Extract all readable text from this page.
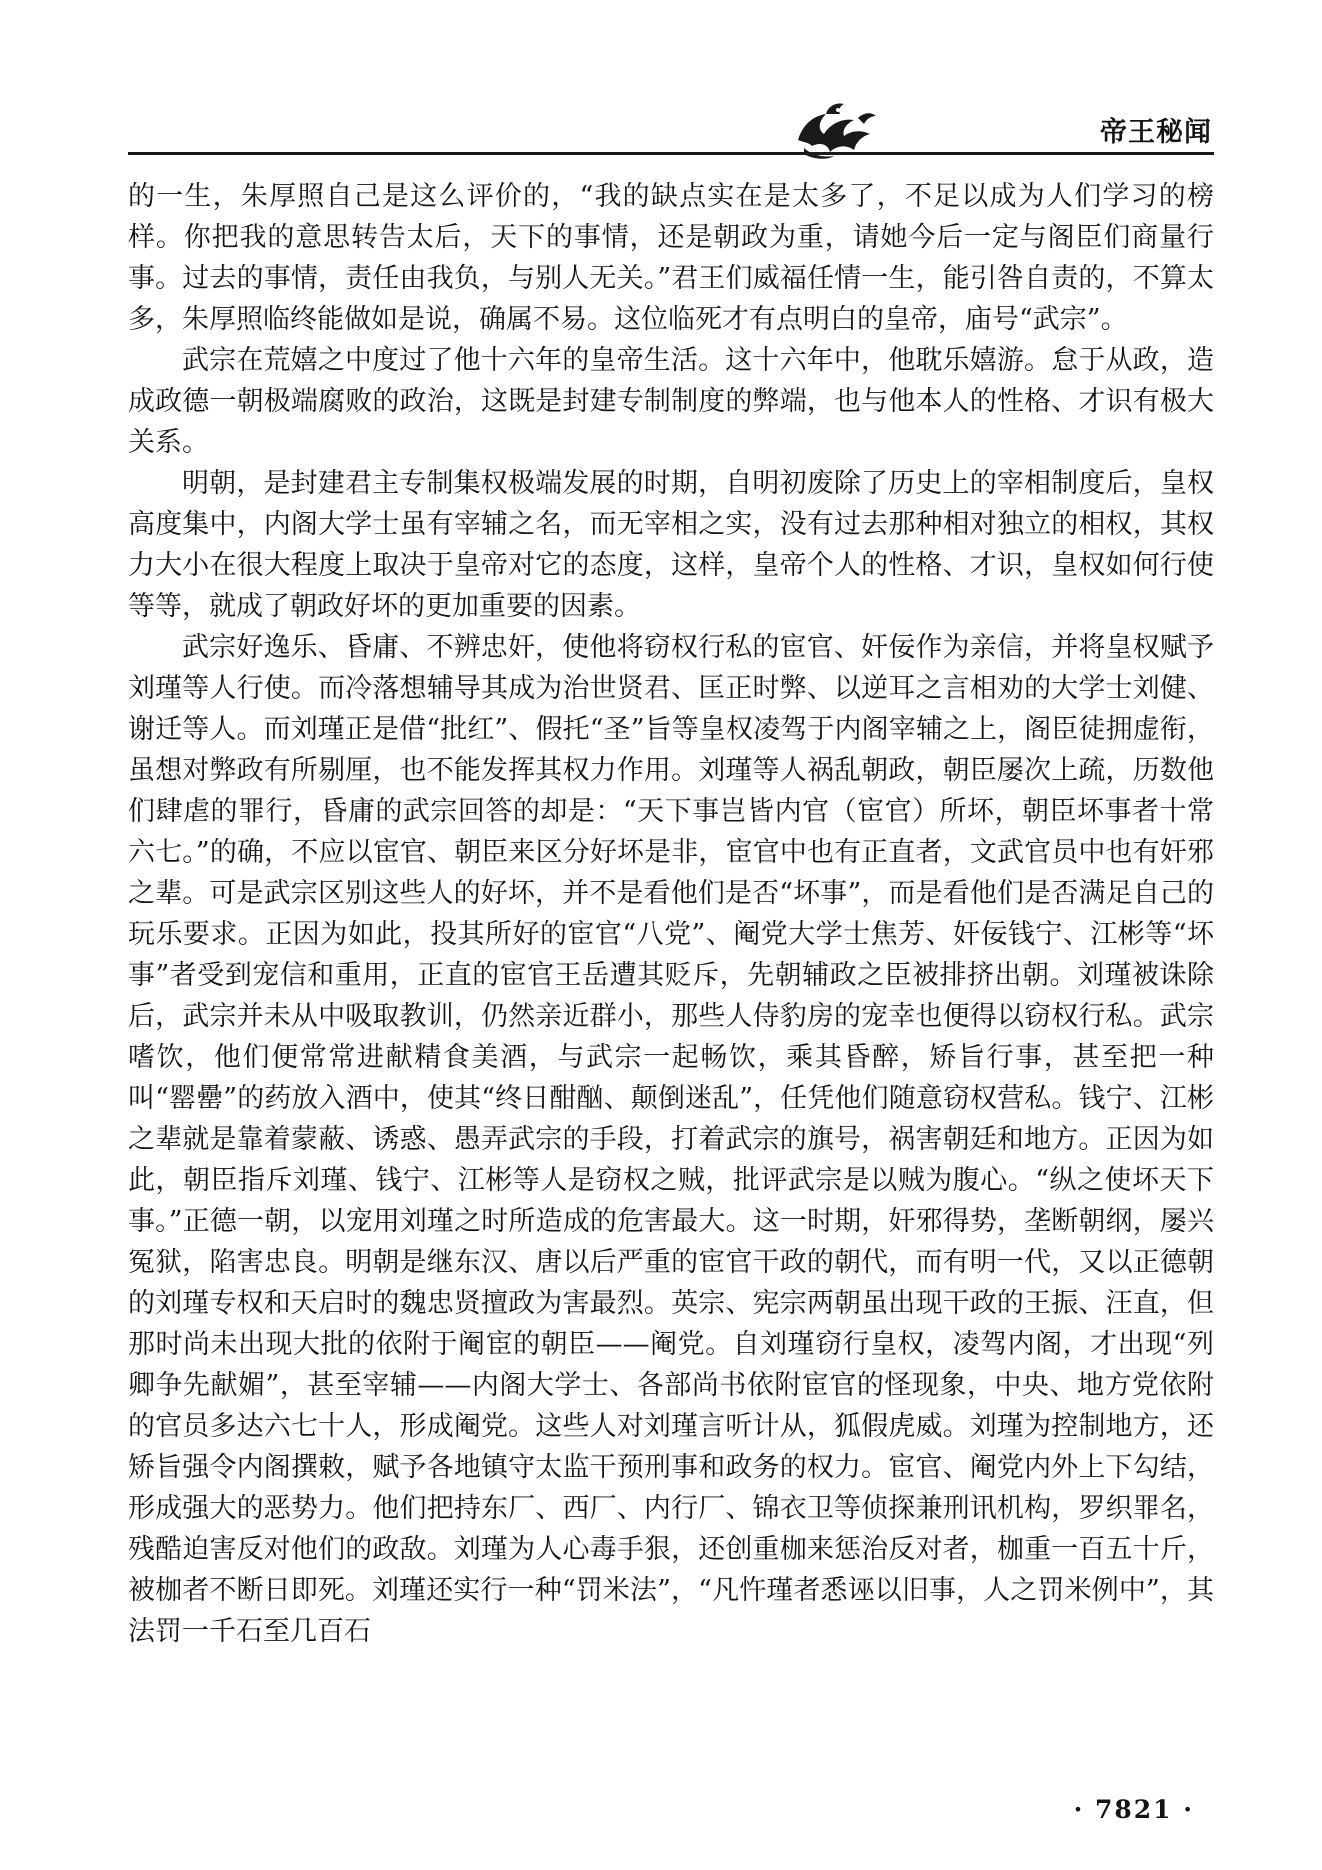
帝王秘闻

的一生，朱厚照自己是这么评价的，“我的缺点实在是太多了，不足以成为人们学习的榜样。你把我的意思转告太后，天下的事情，还是朝政为重，请她今后一定与阁臣们商量行事。过去的事情，责任由我负，与别人无关。”君王们威福任情一生，能引咎自责的，不算太多，朱厚照临终能做如是说，确属不易。这位临死才有点明白的皇帝，庙号“武宗”。

武宗在荒嬉之中度过了他十六年的皇帝生活。这十六年中，他耽乐嬉游。怠于从政，造成政德一朝极端腐败的政治，这既是封建专制制度的弊端，也与他本人的性格、才识有极大关系。

明朝，是封建君主专制集权极端发展的时期，自明初废除了历史上的宰相制度后，皇权高度集中，内阁大学士虽有宰辅之名，而无宰相之实，没有过去那种相对独立的相权，其权力大小在很大程度上取决于皇帝对它的态度，这样，皇帝个人的性格、才识，皇权如何行使等等，就成了朝政好坏的更加重要的因素。

武宗好逸乐、昏庸、不辨忠奸，使他将窃权行私的宦官、奸佞作为亲信，并将皇权赋予刘瑾等人行使。而冷落想辅导其成为治世贤君、匡正时弊、以逆耳之言相劝的大学士刘健、谢迁等人。而刘瑾正是借“批红”、假托“圣”旨等皇权凌驾于内阁宰辅之上，阁臣徒拥虚衔，虽想对弊政有所剔厘，也不能发挥其权力作用。刘瑾等人祸乱朝政，朝臣屡次上疏，历数他们肆虐的罪行，昏庸的武宗回答的却是：“天下事岂皆内官（宦官）所坏，朝臣坏事者十常六七。”的确，不应以宦官、朝臣来区分好坏是非，宦官中也有正直者，文武官员中也有奸邪之辈。可是武宗区别这些人的好坏，并不是看他们是否“坏事”，而是看他们是否满足自己的玩乐要求。正因为如此，投其所好的宦官“八党”、阉党大学士焦芳、奸佞钱宁、江彬等“坏事”者受到宠信和重用，正直的宦官王岳遭其贬斥，先朝辅政之臣被排挤出朝。刘瑾被诛除后，武宗并未从中吸取教训，仍然亲近群小，那些人侍豹房的宠幸也便得以窃权行私。武宗嗜饮，他们便常常进献精食美酒，与武宗一起畅饮，乘其昏醉，矫旨行事，甚至把一种叫“罂罍”的药放入酒中，使其“终日酣酗、颠倒迷乱”，任凭他们随意窃权营私。钱宁、江彬之辈就是靠着蒙蔽、诱惑、愚弄武宗的手段，打着武宗的旗号，祸害朝廷和地方。正因为如此，朝臣指斥刘瑾、钱宁、江彬等人是窃权之贼，批评武宗是以贼为腹心。“纵之使坏天下事。”正德一朝，以宠用刘瑾之时所造成的危害最大。这一时期，奸邪得势，垄断朝纲，屡兴冤狱，陷害忠良。明朝是继东汉、唐以后严重的宦官干政的朝代，而有明一代，又以正德朝的刘瑾专权和天启时的魏忠贤擅政为害最烈。英宗、宪宗两朝虽出现干政的王振、汪直，但那时尚未出现大批的依附于阉宦的朝臣——阉党。自刘瑾窃行皇权，凌驾内阁，才出现“列卿争先献媚”，甚至宰辅——内阁大学士、各部尚书依附宦官的怪现象，中央、地方党依附的官员多达六七十人，形成阉党。这些人对刘瑾言听计从，狐假虎威。刘瑾为控制地方，还矫旨强令内阁撰敕，赋予各地镇守太监干预刑事和政务的权力。宦官、阉党内外上下勾结，形成强大的恶势力。他们把持东厂、西厂、内行厂、锦衣卫等侦探兼刑讯机构，罗织罪名，残酷迫害反对他们的政敌。刘瑾为人心毒手狠，还创重枷来惩治反对者，枷重一百五十斤，被枷者不断日即死。刘瑾还实行一种“罚米法”，“凡忤瑾者悉诬以旧事，人之罚米例中”，其法罚一千石至几百石

· 7821 ·
